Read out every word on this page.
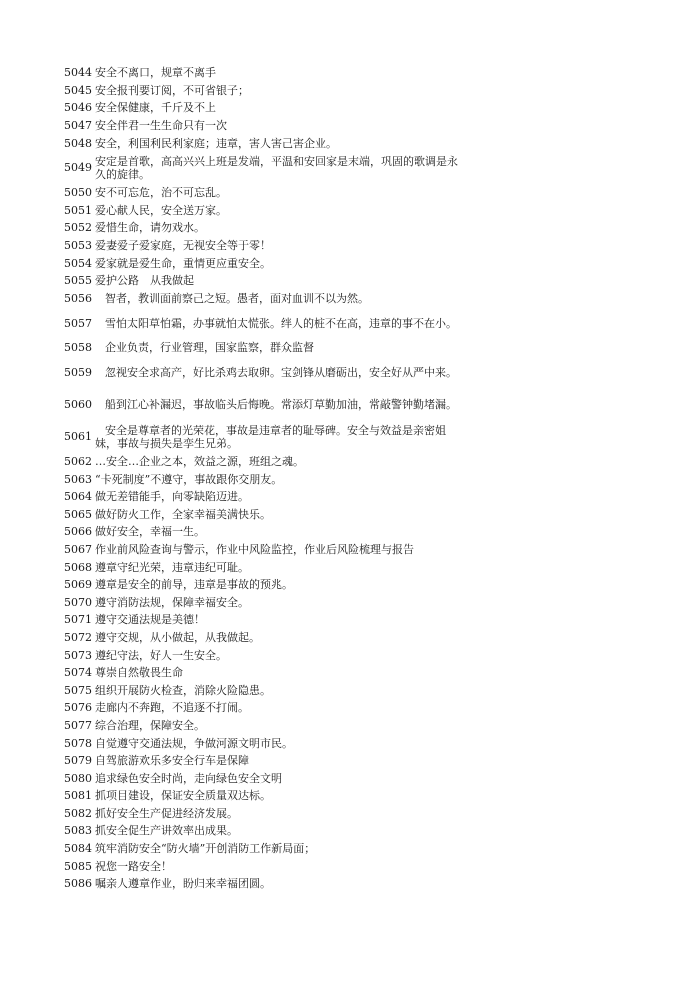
5044 安全不离口，规章不离手
5045 安全报刊要订阅，不可省银子；
5046 安全保健康，千斤及不上
5047 安全伴君一生生命只有一次
5048 安全，利国利民利家庭；违章，害人害己害企业。
5049 安定是首歌，高高兴兴上班是发端，平温和安回家是末端，巩固的歌调是永久的旋律。
5050 安不可忘危，治不可忘乱。
5051 爱心献人民，安全送万家。
5052 爱惜生命，请勿戏水。
5053 爱妻爱子爱家庭，无视安全等于零！
5054 爱家就是爱生命，重情更应重安全。
5055 爱护公路　从我做起
5056	智者，教训面前察己之短。愚者，面对血训不以为然。
5057	雪怕太阳草怕霜，办事就怕太慌张。绊人的桩不在高，违章的事不在小。
5058	企业负责，行业管理，国家监察，群众监督
5059	忽视安全求高产，好比杀鸡去取卵。宝剑锋从磨砺出，安全好从严中来。
5060	船到江心补漏迟，事故临头后悔晚。常添灯草勤加油，常敲警钟勤堵漏。
5061	安全是尊章者的光荣花，事故是违章者的耻辱碑。安全与效益是亲密姐妹，事故与损失是孪生兄弟。
5062 …安全…企业之本，效益之源，班组之魂。
5063 “卡死制度”不遵守，事故跟你交朋友。
5064 做无差错能手，向零缺陷迈进。
5065 做好防火工作，全家幸福美满快乐。
5066 做好安全，幸福一生。
5067 作业前风险查询与警示，作业中风险监控，作业后风险梳理与报告
5068 遵章守纪光荣，违章违纪可耻。
5069 遵章是安全的前导，违章是事故的预兆。
5070 遵守消防法规，保障幸福安全。
5071 遵守交通法规是美德！
5072 遵守交规，从小做起，从我做起。
5073 遵纪守法，好人一生安全。
5074 尊崇自然敬畏生命
5075 组织开展防火检查，消除火险隐患。
5076 走廊内不奔跑，不追逐不打闹。
5077 综合治理，保障安全。
5078 自觉遵守交通法规，争做河源文明市民。
5079 自驾旅游欢乐多安全行车是保障
5080 追求绿色安全时尚，走向绿色安全文明
5081 抓项目建设，保证安全质量双达标。
5082 抓好安全生产促进经济发展。
5083 抓安全促生产讲效率出成果。
5084 筑牢消防安全“防火墙”开创消防工作新局面；
5085 祝您一路安全！
5086 嘱亲人遵章作业，盼归来幸福团圆。
